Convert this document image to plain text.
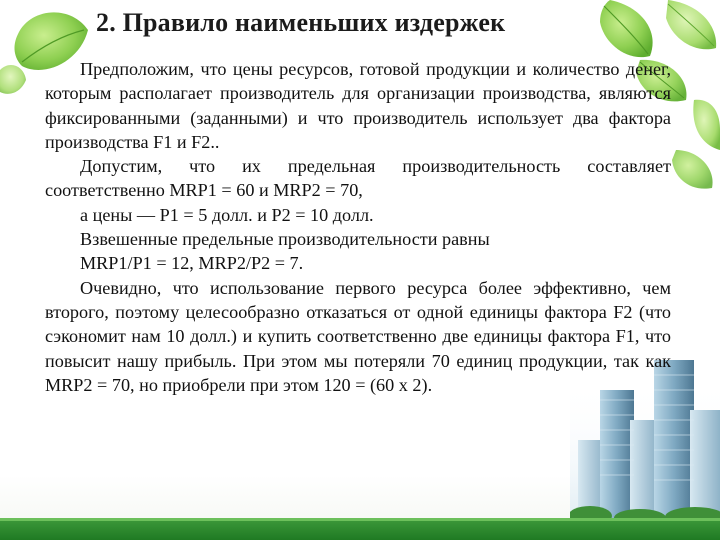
2. Правило наименьших издержек

Предположим, что цены ресурсов, готовой продукции и количество денег, которым располагает производитель для организации производства, являются фиксированными (заданными) и что производитель использует два фактора производства F1 и F2..

Допустим, что их предельная производительность составляет соответственно MRP1 = 60 и MRP2 = 70,

а цены — P1 = 5 долл. и P2 = 10 долл.

Взвешенные предельные производительности равны

MRP1/P1 = 12, MRP2/P2 = 7.

Очевидно, что использование первого ресурса более эффективно, чем второго, поэтому целесообразно отказаться от одной единицы фактора F2 (что сэкономит нам 10 долл.) и купить соответственно две единицы фактора F1, что повысит нашу прибыль. При этом мы потеряли 70 единиц продукции, так как MRP2 = 70, но приобрели при этом 120 = (60 х 2).
